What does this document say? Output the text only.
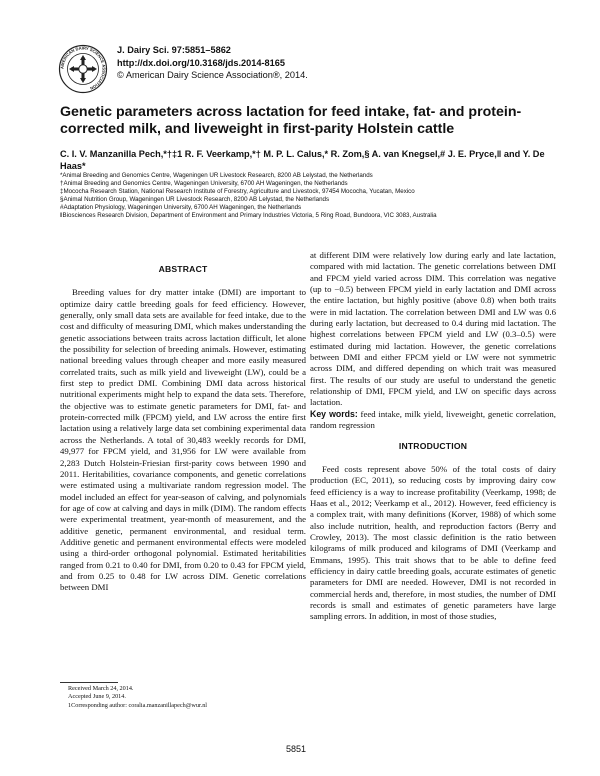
AMERICAN DAIRY SCIENCE ASSOCIATION
J. Dairy Sci. 97:5851–5862
http://dx.doi.org/10.3168/jds.2014-8165
© American Dairy Science Association®, 2014.
Genetic parameters across lactation for feed intake, fat- and protein-corrected milk, and liveweight in first-parity Holstein cattle
C. I. V. Manzanilla Pech,*†‡1 R. F. Veerkamp,*† M. P. L. Calus,* R. Zom,§ A. van Knegsel,# J. E. Pryce,ǁ and Y. De Haas*
*Animal Breeding and Genomics Centre, Wageningen UR Livestock Research, 8200 AB Lelystad, the Netherlands
†Animal Breeding and Genomics Centre, Wageningen University, 6700 AH Wageningen, the Netherlands
‡Mococha Research Station, National Research Institute of Forestry, Agriculture and Livestock, 97454 Mococha, Yucatan, Mexico
§Animal Nutrition Group, Wageningen UR Livestock Research, 8200 AB Lelystad, the Netherlands
#Adaptation Physiology, Wageningen University, 6700 AH Wageningen, the Netherlands
ǁBiosciences Research Division, Department of Environment and Primary Industries Victoria, 5 Ring Road, Bundoora, VIC 3083, Australia
ABSTRACT

Breeding values for dry matter intake (DMI) are important to optimize dairy cattle breeding goals for feed efficiency. However, generally, only small data sets are available for feed intake, due to the cost and difficulty of measuring DMI, which makes understanding the genetic associations between traits across lactation difficult, let alone the possibility for selection of breeding animals. However, estimating national breeding values through cheaper and more easily measured correlated traits, such as milk yield and liveweight (LW), could be a first step to predict DMI. Combining DMI data across historical nutritional experiments might help to expand the data sets. Therefore, the objective was to estimate genetic parameters for DMI, fat- and protein-corrected milk (FPCM) yield, and LW across the entire first lactation using a relatively large data set combining experimental data across the Netherlands. A total of 30,483 weekly records for DMI, 49,977 for FPCM yield, and 31,956 for LW were available from 2,283 Dutch Holstein-Friesian first-parity cows between 1990 and 2011. Heritabilities, covariance components, and genetic correlations were estimated using a multivariate random regression model. The model included an effect for year-season of calving, and polynomials for age of cow at calving and days in milk (DIM). The random effects were experimental treatment, year-month of measurement, and the additive genetic, permanent environmental, and residual term. Additive genetic and permanent environmental effects were modeled using a third-order orthogonal polynomial. Estimated heritabilities ranged from 0.21 to 0.40 for DMI, from 0.20 to 0.43 for FPCM yield, and from 0.25 to 0.48 for LW across DIM. Genetic correlations between DMI

at different DIM were relatively low during early and late lactation, compared with mid lactation. The genetic correlations between DMI and FPCM yield varied across DIM. This correlation was negative (up to −0.5) between FPCM yield in early lactation and DMI across the entire lactation, but highly positive (above 0.8) when both traits were in mid lactation. The correlation between DMI and LW was 0.6 during early lactation, but decreased to 0.4 during mid lactation. The highest correlations between FPCM yield and LW (0.3–0.5) were estimated during mid lactation. However, the genetic correlations between DMI and either FPCM yield or LW were not symmetric across DIM, and differed depending on which trait was measured first. The results of our study are useful to understand the genetic relationship of DMI, FPCM yield, and LW on specific days across lactation.

Key words: feed intake, milk yield, liveweight, genetic correlation, random regression

INTRODUCTION

Feed costs represent above 50% of the total costs of dairy production (EC, 2011), so reducing costs by improving dairy cow feed efficiency is a way to increase profitability (Veerkamp, 1998; de Haas et al., 2012; Veerkamp et al., 2012). However, feed efficiency is a complex trait, with many definitions (Korver, 1988) of which some also include nutrition, health, and reproduction factors (Berry and Crowley, 2013). The most classic definition is the ratio between kilograms of milk produced and kilograms of DMI (Veerkamp and Emmans, 1995). This trait shows that to be able to define feed efficiency in dairy cattle breeding goals, accurate estimates of genetic parameters for DMI are needed. However, DMI is not recorded in commercial herds and, therefore, in most studies, the number of DMI records is small and estimates of genetic parameters have large sampling errors. In addition, in most of those studies,

Received March 24, 2014.
Accepted June 9, 2014.
1Corresponding author: coralia.manzanillapech@wur.nl
5851
